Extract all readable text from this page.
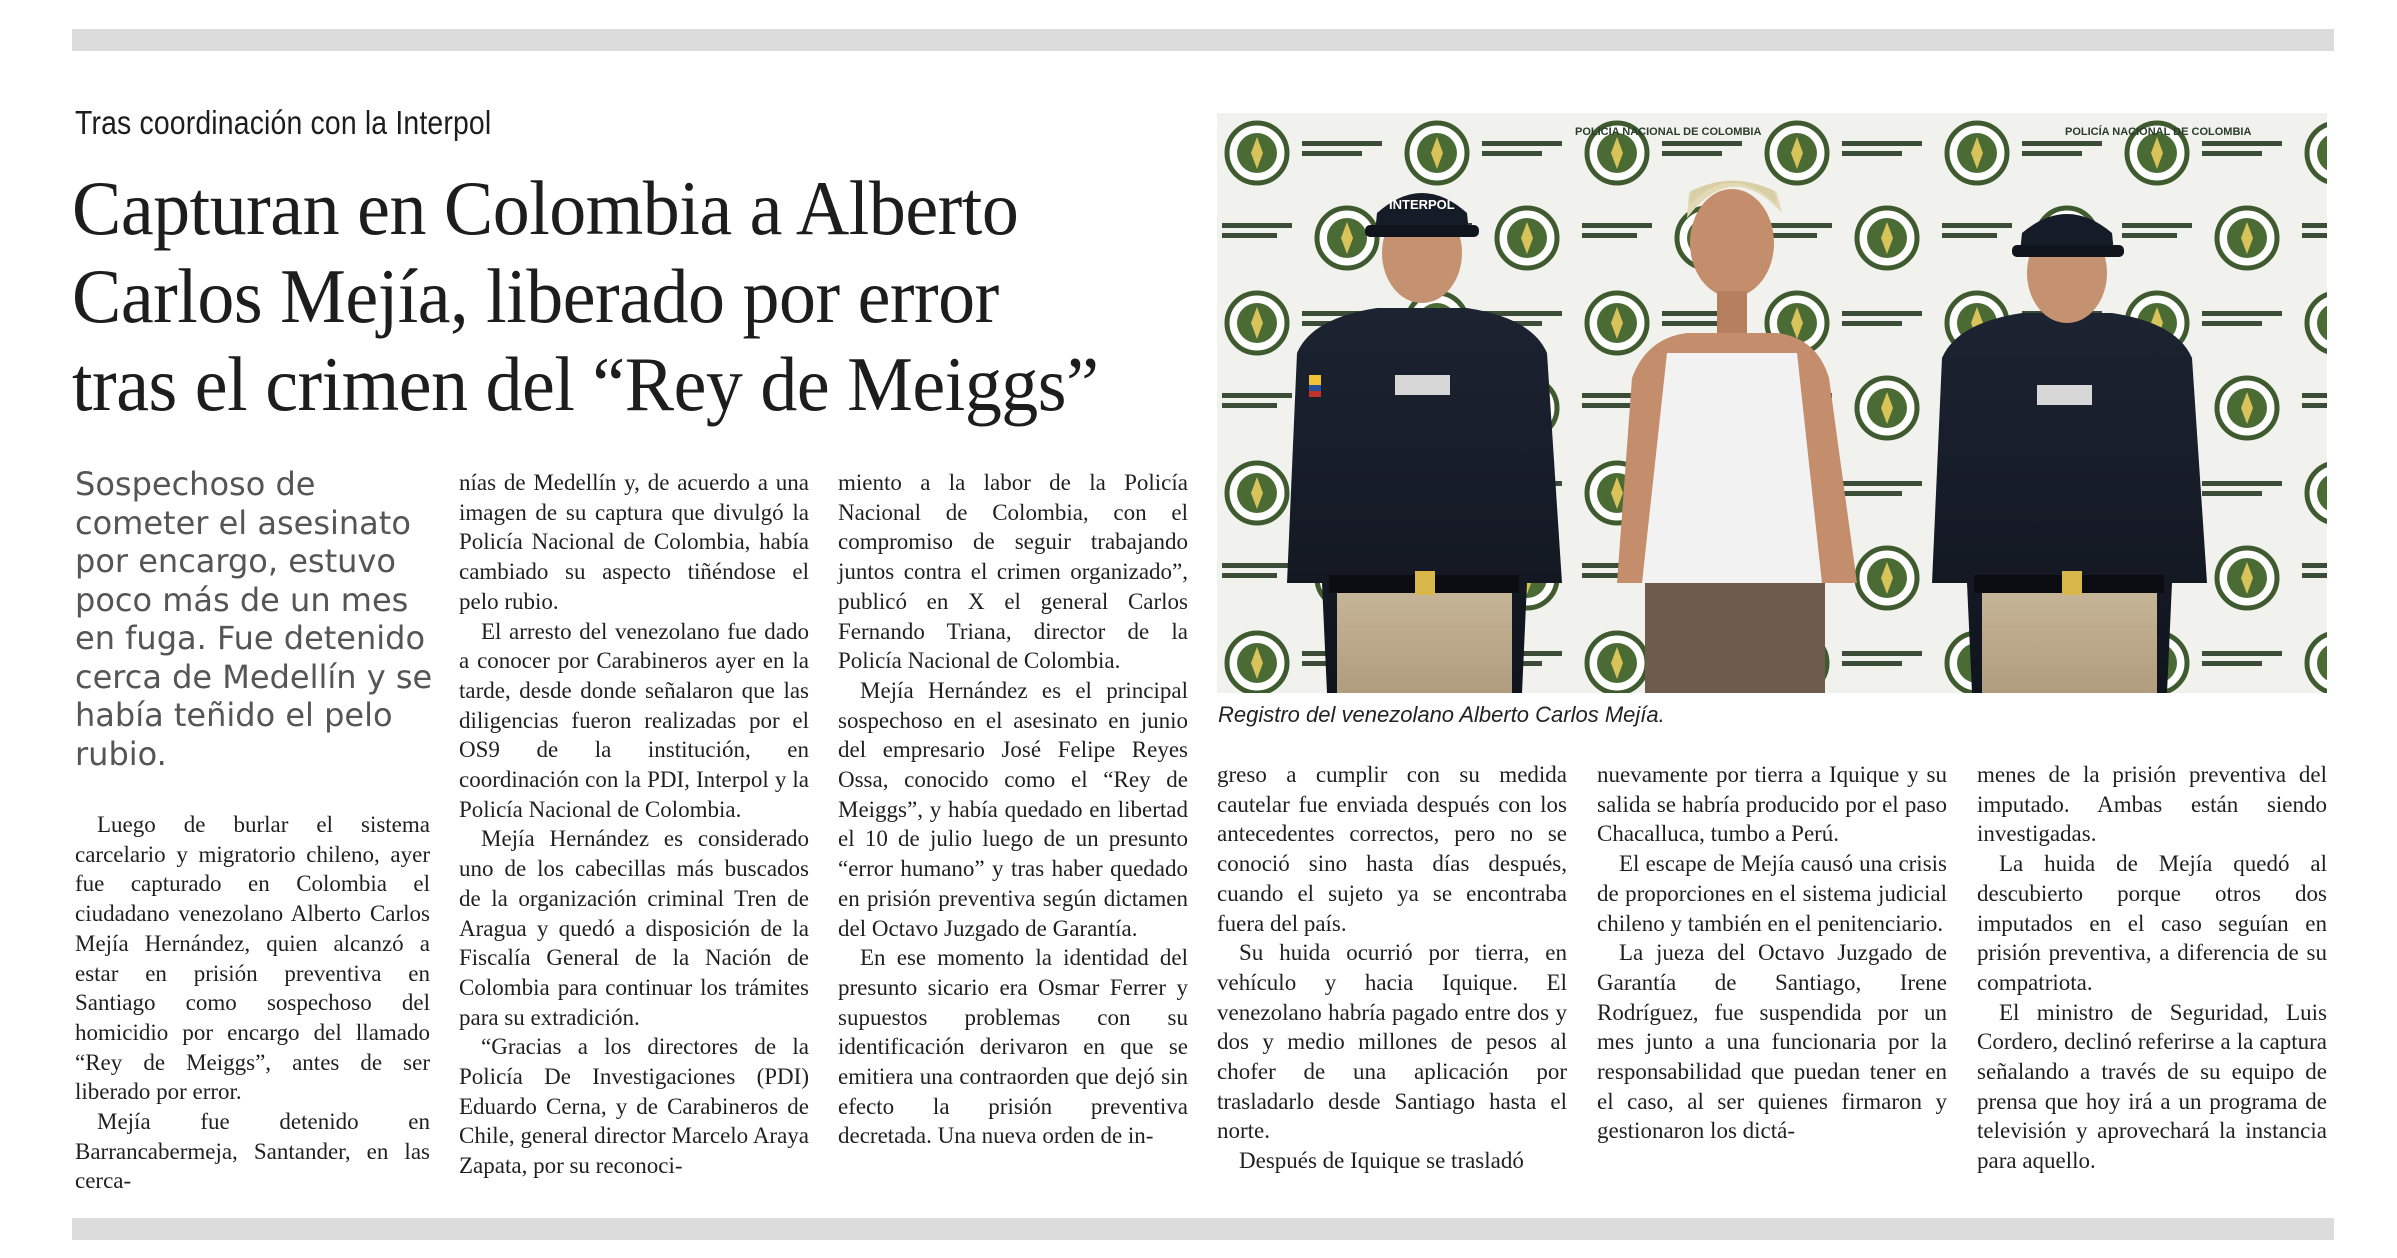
Tras coordinación con la Interpol
Capturan en Colombia a Alberto
Carlos Mejía, liberado por error
tras el crimen del “Rey de Meiggs”
Sospechoso de cometer el asesinato por encargo, estuvo poco más de un mes en fuga. Fue detenido cerca de Medellín y se había teñido el pelo rubio.

Luego de burlar el sistema carcelario y migratorio chileno, ayer fue capturado en Colombia el ciudadano venezolano Alberto Carlos Mejía Hernández, quien alcanzó a estar en prisión preventiva en Santiago como sospechoso del homicidio por encargo del llamado “Rey de Meiggs”, antes de ser liberado por error.

Mejía fue detenido en Barrancabermeja, Santander, en las cerca-

nías de Medellín y, de acuerdo a una imagen de su captura que divulgó la Policía Nacional de Colombia, había cambiado su aspecto tiñéndose el pelo rubio.

El arresto del venezolano fue dado a conocer por Carabineros ayer en la tarde, desde donde señalaron que las diligencias fueron realizadas por el OS9 de la institución, en coordinación con la PDI, Interpol y la Policía Nacional de Colombia.

Mejía Hernández es considerado uno de los cabecillas más buscados de la organización criminal Tren de Aragua y quedó a disposición de la Fiscalía General de la Nación de Colombia para continuar los trámites para su extradición.

“Gracias a los directores de la Policía De Investigaciones (PDI) Eduardo Cerna, y de Carabineros de Chile, general director Marcelo Araya Zapata, por su reconoci-

miento a la labor de la Policía Nacional de Colombia, con el compromiso de seguir trabajando juntos contra el crimen organizado”, publicó en X el general Carlos Fernando Triana, director de la Policía Nacional de Colombia.

Mejía Hernández es el principal sospechoso en el asesinato en junio del empresario José Felipe Reyes Ossa, conocido como el “Rey de Meiggs”, y había quedado en libertad el 10 de julio luego de un presunto “error humano” y tras haber quedado en prisión preventiva según dictamen del Octavo Juzgado de Garantía.

En ese momento la identidad del presunto sicario era Osmar Ferrer y supuestos problemas con su identificación derivaron en que se emitiera una contraorden que dejó sin efecto la prisión preventiva decretada. Una nueva orden de in-

POLICÍA NACIONAL DE COLOMBIA	POLICÍA NACIONAL DE COLOMBIA
INTERPOL
Registro del venezolano Alberto Carlos Mejía.

greso a cumplir con su medida cautelar fue enviada después con los antecedentes correctos, pero no se conoció sino hasta días después, cuando el sujeto ya se encontraba fuera del país.

Su huida ocurrió por tierra, en vehículo y hacia Iquique. El venezolano habría pagado entre dos y dos y medio millones de pesos al chofer de una aplicación por trasladarlo desde Santiago hasta el norte.

Después de Iquique se trasladó

nuevamente por tierra a Iquique y su salida se habría producido por el paso Chacalluca, tumbo a Perú.

El escape de Mejía causó una crisis de proporciones en el sistema judicial chileno y también en el penitenciario.

La jueza del Octavo Juzgado de Garantía de Santiago, Irene Rodríguez, fue suspendida por un mes junto a una funcionaria por la responsabilidad que puedan tener en el caso, al ser quienes firmaron y gestionaron los dictá-

menes de la prisión preventiva del imputado. Ambas están siendo investigadas.

La huida de Mejía quedó al descubierto porque otros dos imputados en el caso seguían en prisión preventiva, a diferencia de su compatriota.

El ministro de Seguridad, Luis Cordero, declinó referirse a la captura señalando a través de su equipo de prensa que hoy irá a un programa de televisión y aprovechará la instancia para aquello.
